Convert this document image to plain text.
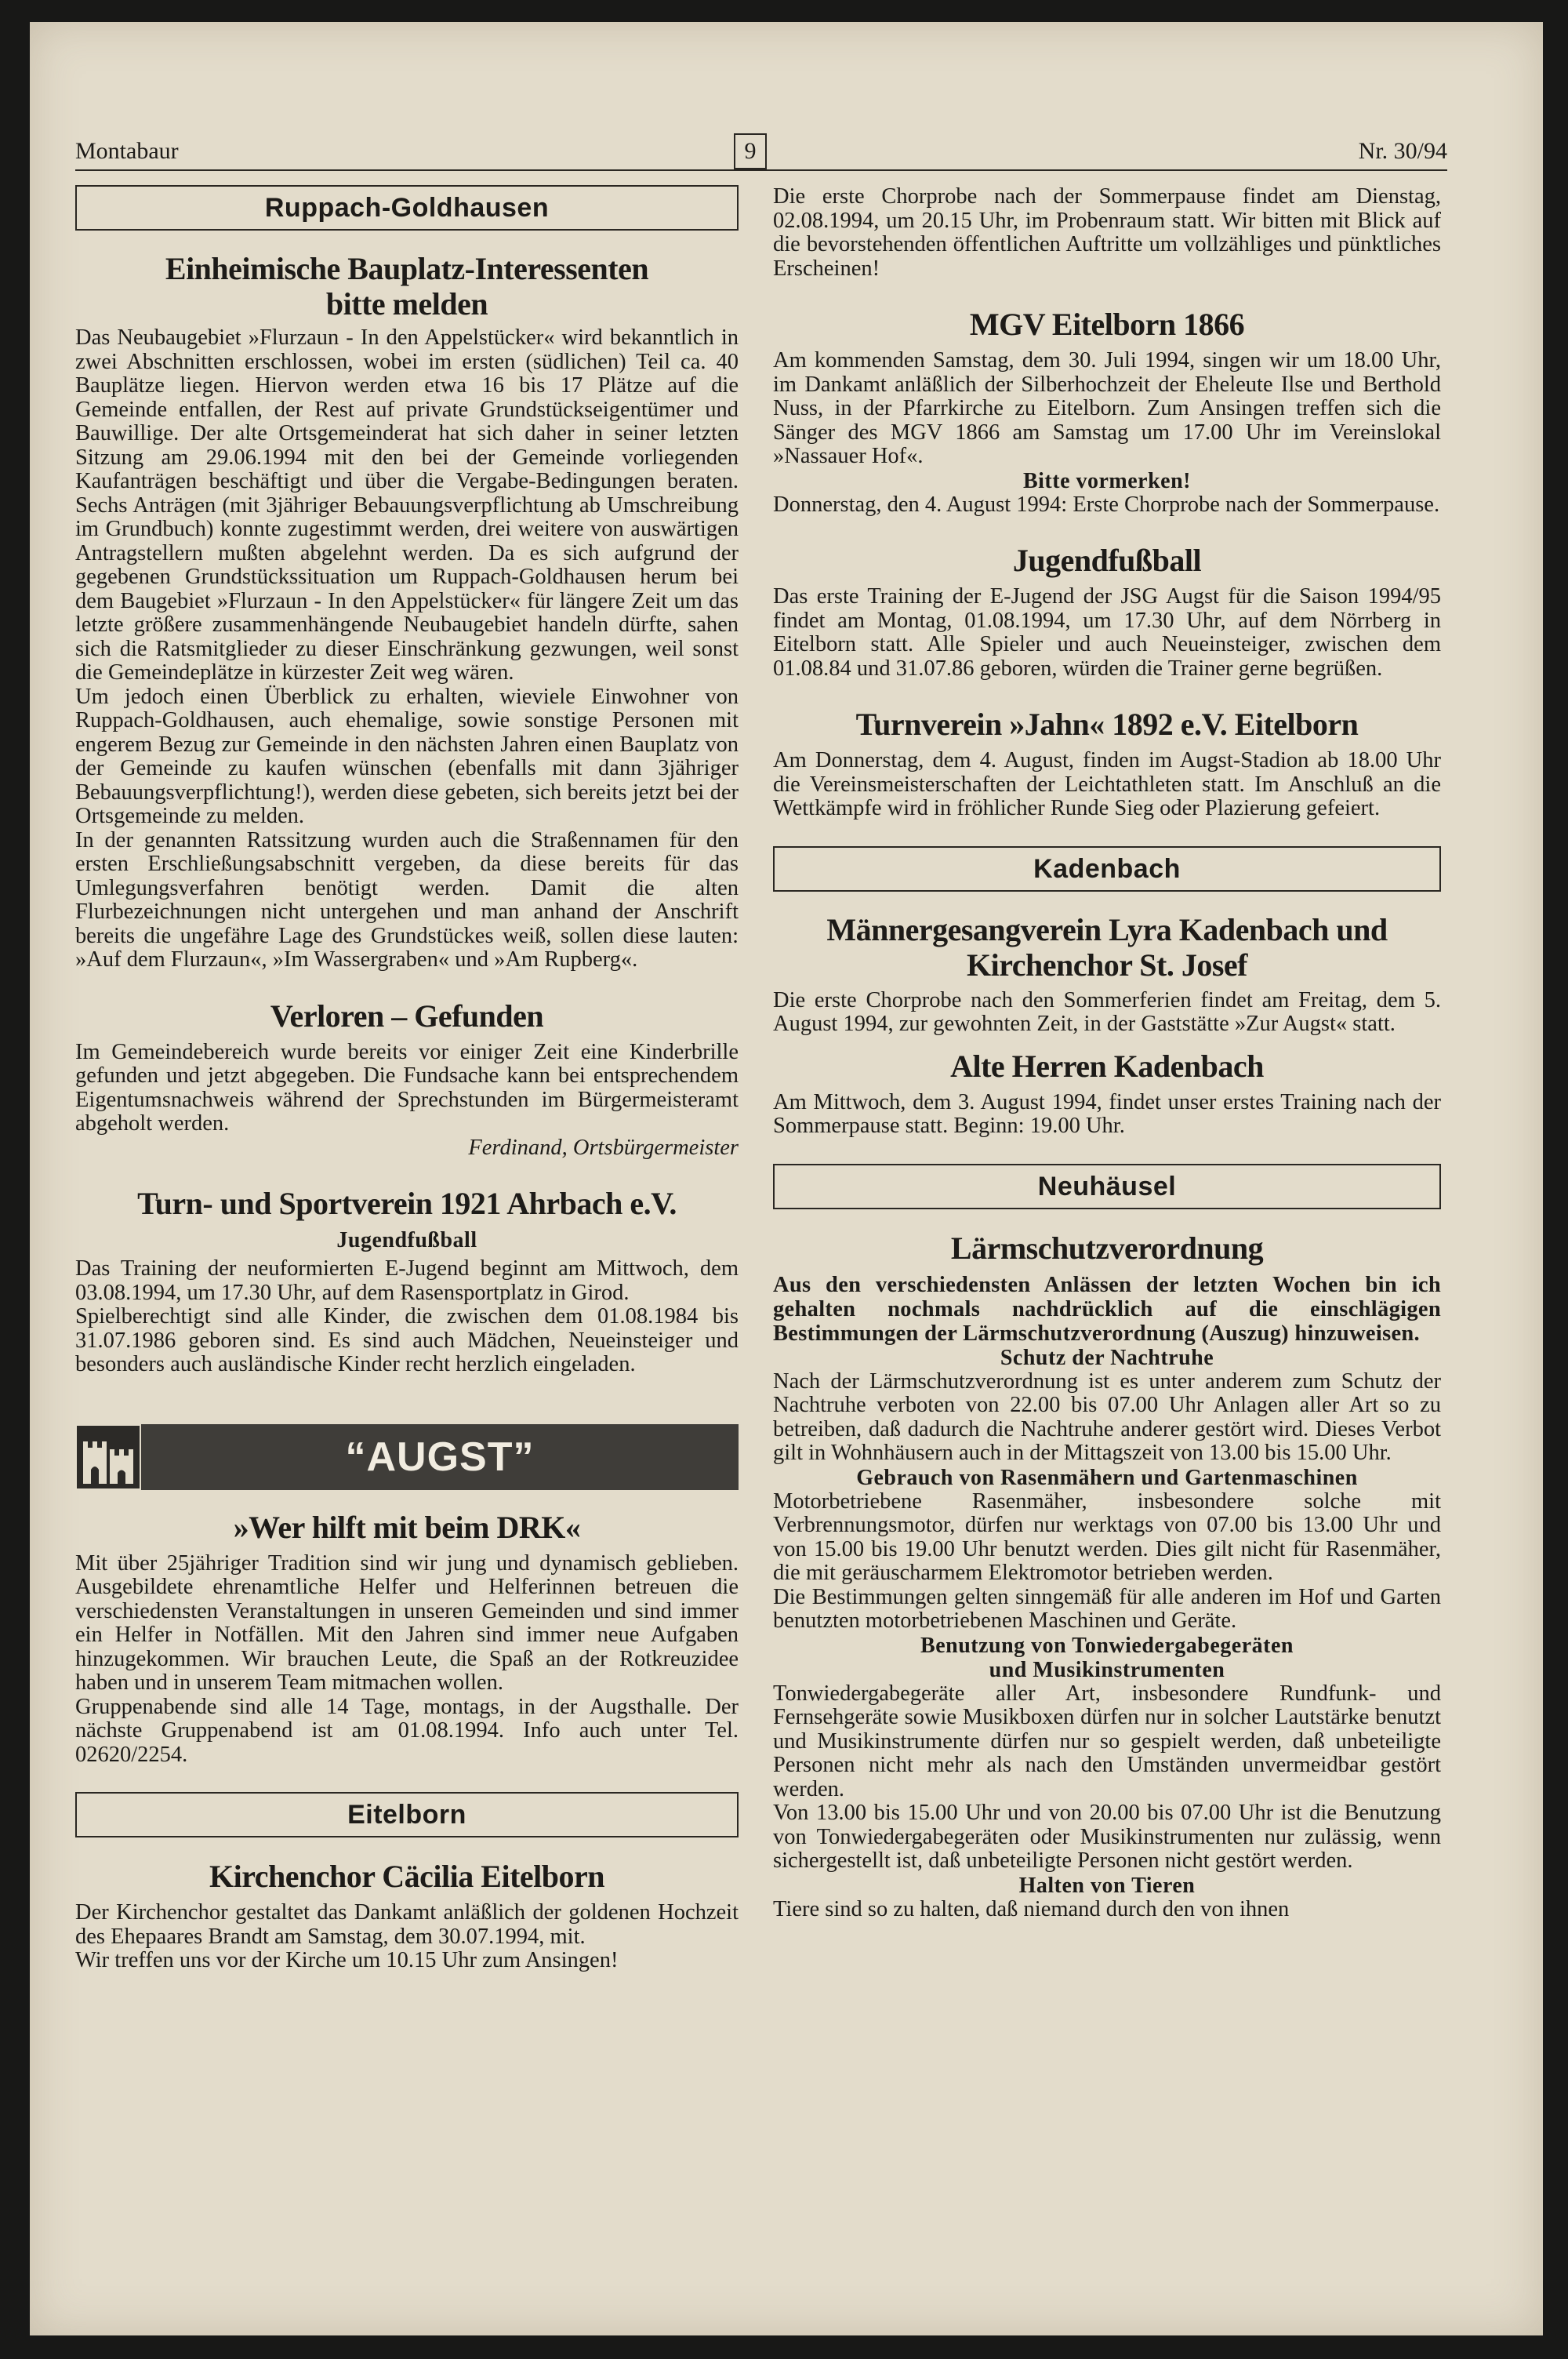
Montabaur	9	Nr. 30/94
Ruppach-Goldhausen
Einheimische Bauplatz-Interessenten
bitte melden

Das Neubaugebiet »Flurzaun - In den Appelstücker« wird bekanntlich in zwei Abschnitten erschlossen, wobei im ersten (südlichen) Teil ca. 40 Bauplätze liegen. Hiervon werden etwa 16 bis 17 Plätze auf die Gemeinde entfallen, der Rest auf private Grundstückseigentümer und Bauwillige. Der alte Ortsgemeinderat hat sich daher in seiner letzten Sitzung am 29.06.1994 mit den bei der Gemeinde vorliegenden Kaufanträgen beschäftigt und über die Vergabe-Bedingungen beraten. Sechs Anträgen (mit 3jähriger Bebauungsverpflichtung ab Umschreibung im Grundbuch) konnte zugestimmt werden, drei weitere von auswärtigen Antragstellern mußten abgelehnt werden. Da es sich aufgrund der gegebenen Grundstückssituation um Ruppach-Goldhausen herum bei dem Baugebiet »Flurzaun - In den Appelstücker« für längere Zeit um das letzte größere zusammenhängende Neubaugebiet handeln dürfte, sahen sich die Ratsmitglieder zu dieser Einschränkung gezwungen, weil sonst die Gemeindeplätze in kürzester Zeit weg wären.

Um jedoch einen Überblick zu erhalten, wieviele Einwohner von Ruppach-Goldhausen, auch ehemalige, sowie sonstige Personen mit engerem Bezug zur Gemeinde in den nächsten Jahren einen Bauplatz von der Gemeinde zu kaufen wünschen (ebenfalls mit dann 3jähriger Bebauungsverpflichtung!), werden diese gebeten, sich bereits jetzt bei der Ortsgemeinde zu melden.

In der genannten Ratssitzung wurden auch die Straßennamen für den ersten Erschließungsabschnitt vergeben, da diese bereits für das Umlegungsverfahren benötigt werden. Damit die alten Flurbezeichnungen nicht untergehen und man anhand der Anschrift bereits die ungefähre Lage des Grundstückes weiß, sollen diese lauten: »Auf dem Flurzaun«, »Im Wassergraben« und »Am Rupberg«.

Verloren – Gefunden

Im Gemeindebereich wurde bereits vor einiger Zeit eine Kinderbrille gefunden und jetzt abgegeben. Die Fundsache kann bei entsprechendem Eigentumsnachweis während der Sprechstunden im Bürgermeisteramt abgeholt werden.

Ferdinand, Ortsbürgermeister

Turn- und Sportverein 1921 Ahrbach e.V.

Jugendfußball

Das Training der neuformierten E-Jugend beginnt am Mittwoch, dem 03.08.1994, um 17.30 Uhr, auf dem Rasensportplatz in Girod.

Spielberechtigt sind alle Kinder, die zwischen dem 01.08.1984 bis 31.07.1986 geboren sind. Es sind auch Mädchen, Neueinsteiger und besonders auch ausländische Kinder recht herzlich eingeladen.

“AUGST”
»Wer hilft mit beim DRK«

Mit über 25jähriger Tradition sind wir jung und dynamisch geblieben. Ausgebildete ehrenamtliche Helfer und Helferinnen betreuen die verschiedensten Veranstaltungen in unseren Gemeinden und sind immer ein Helfer in Notfällen. Mit den Jahren sind immer neue Aufgaben hinzugekommen. Wir brauchen Leute, die Spaß an der Rotkreuzidee haben und in unserem Team mitmachen wollen.

Gruppenabende sind alle 14 Tage, montags, in der Augsthalle. Der nächste Gruppenabend ist am 01.08.1994. Info auch unter Tel. 02620/2254.

Eitelborn
Kirchenchor Cäcilia Eitelborn

Der Kirchenchor gestaltet das Dankamt anläßlich der goldenen Hochzeit des Ehepaares Brandt am Samstag, dem 30.07.1994, mit.

Wir treffen uns vor der Kirche um 10.15 Uhr zum Ansingen!

Die erste Chorprobe nach der Sommerpause findet am Dienstag, 02.08.1994, um 20.15 Uhr, im Probenraum statt. Wir bitten mit Blick auf die bevorstehenden öffentlichen Auftritte um vollzähliges und pünktliches Erscheinen!

MGV Eitelborn 1866

Am kommenden Samstag, dem 30. Juli 1994, singen wir um 18.00 Uhr, im Dankamt anläßlich der Silberhochzeit der Eheleute Ilse und Berthold Nuss, in der Pfarrkirche zu Eitelborn. Zum Ansingen treffen sich die Sänger des MGV 1866 am Samstag um 17.00 Uhr im Vereinslokal »Nassauer Hof«.

Bitte vormerken!

Donnerstag, den 4. August 1994: Erste Chorprobe nach der Sommerpause.

Jugendfußball

Das erste Training der E-Jugend der JSG Augst für die Saison 1994/95 findet am Montag, 01.08.1994, um 17.30 Uhr, auf dem Nörrberg in Eitelborn statt. Alle Spieler und auch Neueinsteiger, zwischen dem 01.08.84 und 31.07.86 geboren, würden die Trainer gerne begrüßen.

Turnverein »Jahn« 1892 e.V. Eitelborn

Am Donnerstag, dem 4. August, finden im Augst-Stadion ab 18.00 Uhr die Vereinsmeisterschaften der Leichtathleten statt. Im Anschluß an die Wettkämpfe wird in fröhlicher Runde Sieg oder Plazierung gefeiert.

Kadenbach
Männergesangverein Lyra Kadenbach und
Kirchenchor St. Josef

Die erste Chorprobe nach den Sommerferien findet am Freitag, dem 5. August 1994, zur gewohnten Zeit, in der Gaststätte »Zur Augst« statt.

Alte Herren Kadenbach

Am Mittwoch, dem 3. August 1994, findet unser erstes Training nach der Sommerpause statt. Beginn: 19.00 Uhr.

Neuhäusel
Lärmschutzverordnung

Aus den verschiedensten Anlässen der letzten Wochen bin ich gehalten nochmals nachdrücklich auf die einschlägigen Bestimmungen der Lärmschutzverordnung (Auszug) hinzuweisen.

Schutz der Nachtruhe

Nach der Lärmschutzverordnung ist es unter anderem zum Schutz der Nachtruhe verboten von 22.00 bis 07.00 Uhr Anlagen aller Art so zu betreiben, daß dadurch die Nachtruhe anderer gestört wird. Dieses Verbot gilt in Wohnhäusern auch in der Mittagszeit von 13.00 bis 15.00 Uhr.

Gebrauch von Rasenmähern und Gartenmaschinen

Motorbetriebene Rasenmäher, insbesondere solche mit Verbrennungsmotor, dürfen nur werktags von 07.00 bis 13.00 Uhr und von 15.00 bis 19.00 Uhr benutzt werden. Dies gilt nicht für Rasenmäher, die mit geräuscharmem Elektromotor betrieben werden.

Die Bestimmungen gelten sinngemäß für alle anderen im Hof und Garten benutzten motorbetriebenen Maschinen und Geräte.

Benutzung von Tonwiedergabegeräten
und Musikinstrumenten

Tonwiedergabegeräte aller Art, insbesondere Rundfunk- und Fernsehgeräte sowie Musikboxen dürfen nur in solcher Lautstärke benutzt und Musikinstrumente dürfen nur so gespielt werden, daß unbeteiligte Personen nicht mehr als nach den Umständen unvermeidbar gestört werden.

Von 13.00 bis 15.00 Uhr und von 20.00 bis 07.00 Uhr ist die Benutzung von Tonwiedergabegeräten oder Musikinstrumenten nur zulässig, wenn sichergestellt ist, daß unbeteiligte Personen nicht gestört werden.

Halten von Tieren

Tiere sind so zu halten, daß niemand durch den von ihnen
